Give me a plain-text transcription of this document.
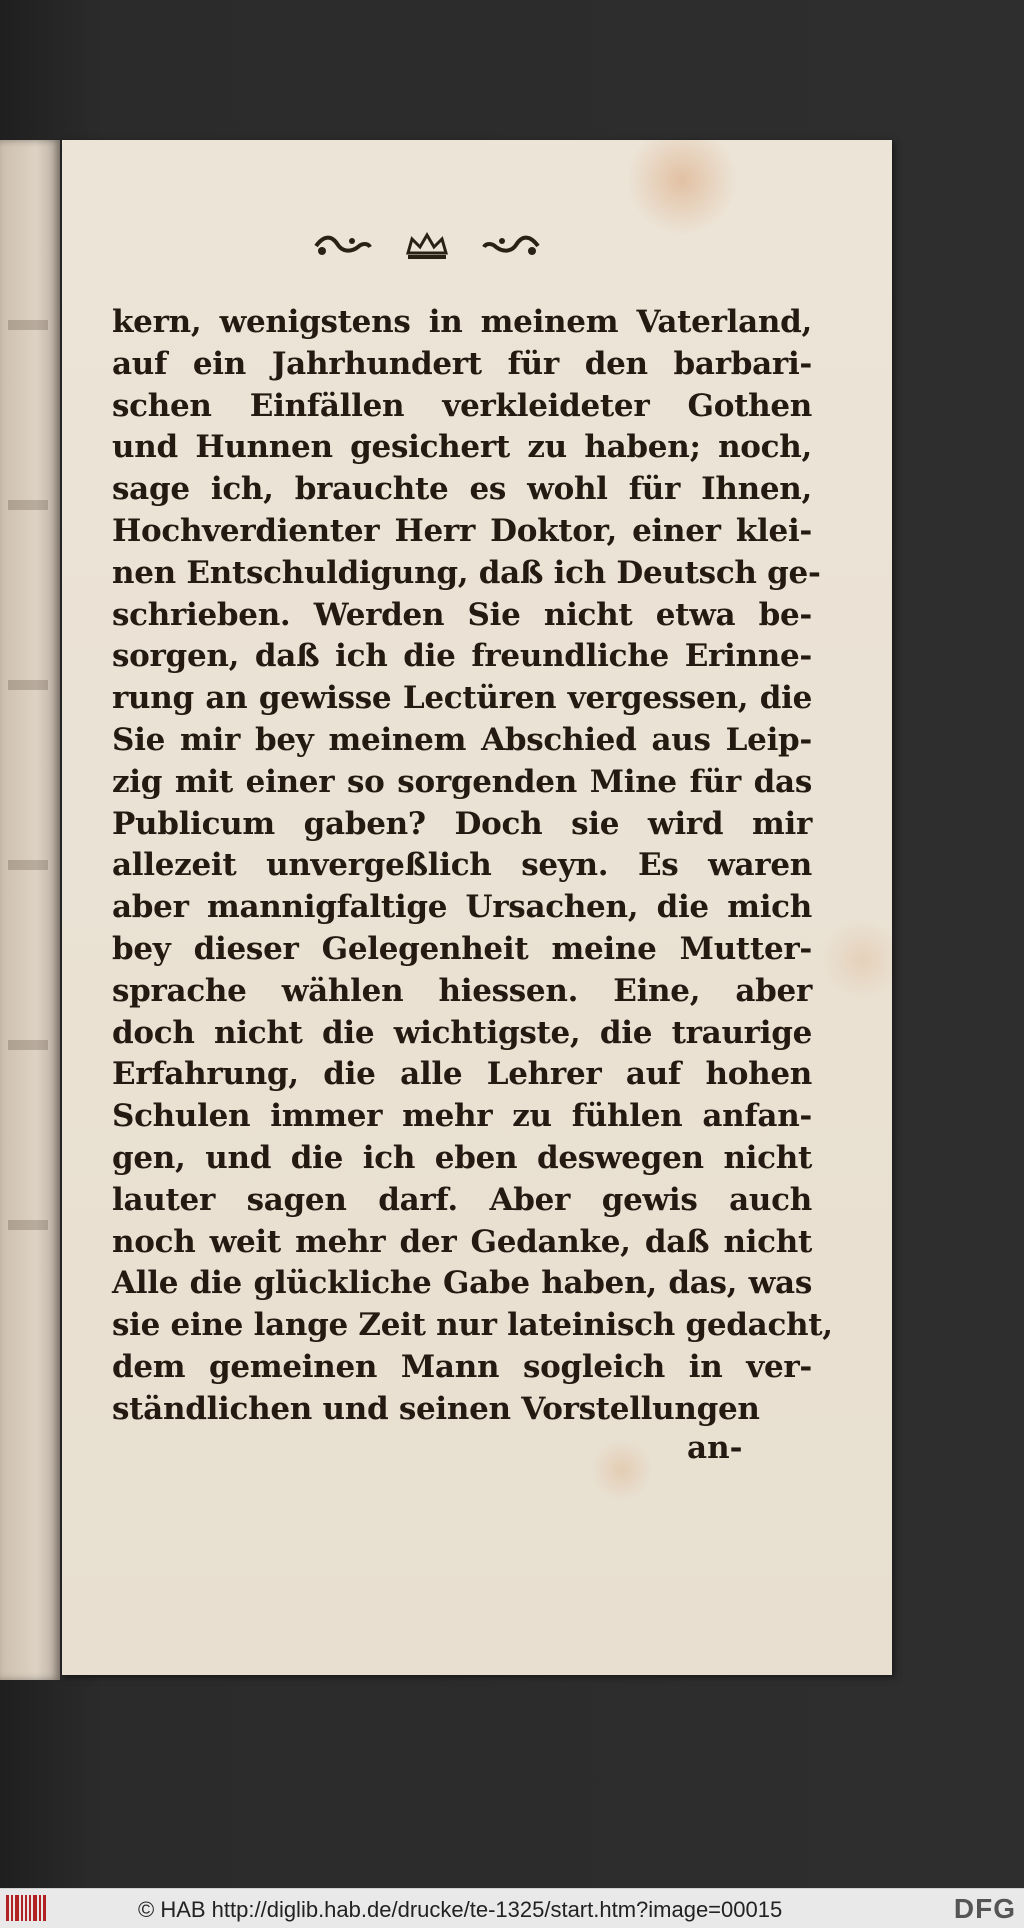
kern, wenigstens in meinem Vaterland,
auf ein Jahrhundert für den barbari-
schen Einfällen verkleideter Gothen
und Hunnen gesichert zu haben; noch,
sage ich, brauchte es wohl für Ihnen,
Hochverdienter Herr Doktor, einer klei-
nen Entschuldigung, daß ich Deutsch ge-
schrieben. Werden Sie nicht etwa be-
sorgen, daß ich die freundliche Erinne-
rung an gewisse Lectüren vergessen, die
Sie mir bey meinem Abschied aus Leip-
zig mit einer so sorgenden Mine für das
Publicum gaben? Doch sie wird mir
allezeit unvergeßlich seyn. Es waren
aber mannigfaltige Ursachen, die mich
bey dieser Gelegenheit meine Mutter-
sprache wählen hiessen. Eine, aber
doch nicht die wichtigste, die traurige
Erfahrung, die alle Lehrer auf hohen
Schulen immer mehr zu fühlen anfan-
gen, und die ich eben deswegen nicht
lauter sagen darf. Aber gewis auch
noch weit mehr der Gedanke, daß nicht
Alle die glückliche Gabe haben, das, was
sie eine lange Zeit nur lateinisch gedacht,
dem gemeinen Mann sogleich in ver-
ständlichen und seinen Vorstellungen
an-
© HAB http://diglib.hab.de/drucke/te-1325/start.htm?image=00015	DFG
